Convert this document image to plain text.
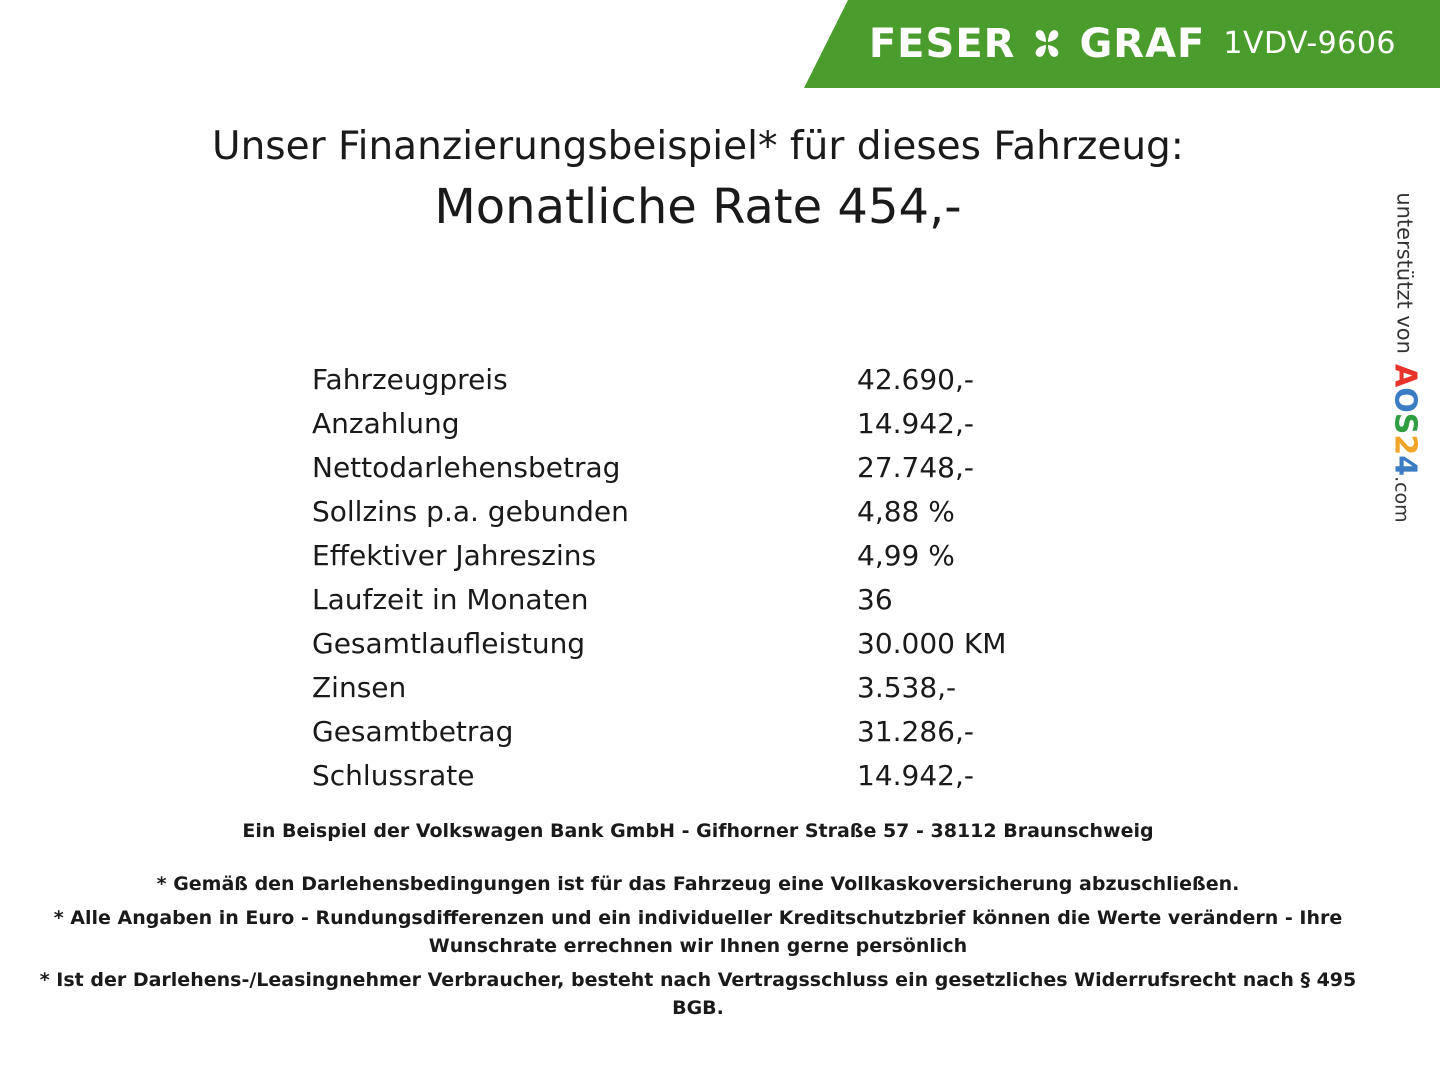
FESER GRAF 1VDV-9606
Unser Finanzierungsbeispiel* für dieses Fahrzeug:
Monatliche Rate 454,-
Fahrzeugpreis	42.690,-
Anzahlung	14.942,-
Nettodarlehensbetrag	27.748,-
Sollzins p.a. gebunden	4,88 %
Effektiver Jahreszins	4,99 %
Laufzeit in Monaten	36
Gesamtlaufleistung	30.000 KM
Zinsen	3.538,-
Gesamtbetrag	31.286,-
Schlussrate	14.942,-

Ein Beispiel der Volkswagen Bank GmbH - Gifhorner Straße 57 - 38112 Braunschweig

* Gemäß den Darlehensbedingungen ist für das Fahrzeug eine Vollkaskoversicherung abzuschließen.

* Alle Angaben in Euro - Rundungsdifferenzen und ein individueller Kreditschutzbrief können die Werte verändern - Ihre Wunschrate errechnen wir Ihnen gerne persönlich

* Ist der Darlehens-/Leasingnehmer Verbraucher, besteht nach Vertragsschluss ein gesetzliches Widerrufsrecht nach § 495 BGB.

unterstützt von
A
O
S
2
4
.com
